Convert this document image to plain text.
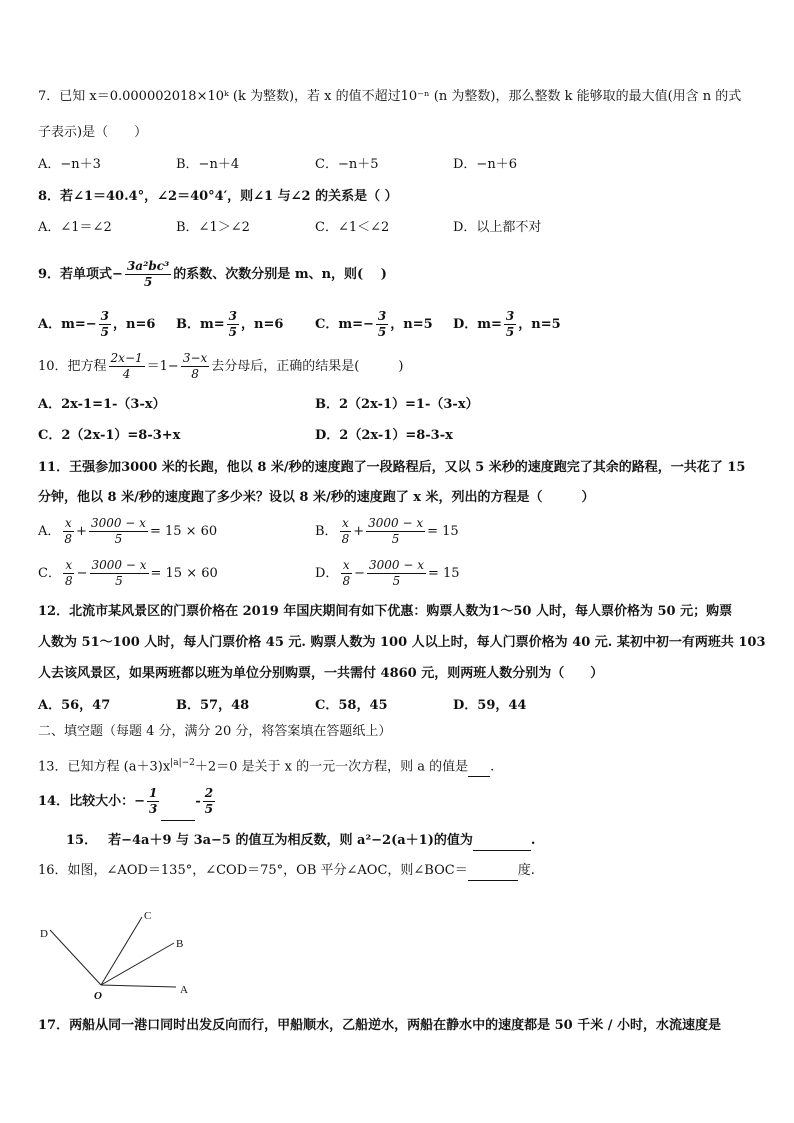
7．已知 x＝0.000002018×10ᵏ (k 为整数)，若 x 的值不超过10⁻ⁿ (n 为整数)，那么整数 k 能够取的最大值(用含 n 的式
子表示)是（　　）
A．−n＋3	B．−n＋4	C．−n＋5	D．−n＋6
8．若∠1＝40.4°，∠2＝40°4′，则∠1 与∠2 的关系是（ ）
A．∠1＝∠2	B．∠1＞∠2	C．∠1＜∠2	D．以上都不对
9．若单项式− $\frac{\text{3a²bc³}}{5}$ 的系数、次数分别是 m、n，则(　 )
A．$m=- \frac{3}{5}$ ，n=6 B．$m= \frac{3}{5}$ ，n=6 C．$m=- \frac{3}{5}$ ，n=5 D．$m= \frac{3}{5}$ ，n=5
10．把方程 $\frac{2x-1}{4} =1- \frac{3-x}{8}$ 去分母后，正确的结果是(　　　)
A．2x-1=1-（3-x）	B．2（2x-1）=1-（3-x）
C．2（2x-1）=8-3+x	D．2（2x-1）=8-3-x
11．王强参加3000 米的长跑，他以 8 米/秒的速度跑了一段路程后，又以 5 米秒的速度跑完了其余的路程，一共花了 15
分钟，他以 8 米/秒的速度跑了多少米？设以 8 米/秒的速度跑了 x 米，列出的方程是（　　　）
A． $\frac{x}{8} + \frac{3000 - x}{5} = 15 \times 60$	B． $\frac{x}{8} + \frac{3000 - x}{5} = 15$
C． $\frac{x}{8} - \frac{3000 - x}{5} = 15 \times 60$	D． $\frac{x}{8} - \frac{3000 - x}{5} = 15$
12．北流市某风景区的门票价格在 2019 年国庆期间有如下优惠：购票人数为1～50 人时，每人票价格为 50 元；购票
人数为 51～100 人时，每人门票价格 45 元. 购票人数为 100 人以上时，每人门票价格为 40 元. 某初中初一有两班共 103
人去该风景区，如果两班都以班为单位分别购票，一共需付 4860 元，则两班人数分别为（　　）
A．56，47	B．57，48	C．58，45	D．59，44
二、填空题（每题 4 分，满分 20 分，将答案填在答题纸上）
13．已知方程 $(a+3)x^{|a|-2}+2=0$ 是关于 x 的一元一次方程，则 a 的值是 .
14．比较大小：− $\frac{1}{3}$	- $\frac{2}{5}$
15．　 若−4a＋9 与 3a−5 的值互为相反数，则 a²−2(a＋1)的值为	.
16．如图，∠AOD＝135°，∠COD＝75°，OB 平分∠AOC，则∠BOC＝	度.
D
C
B
O	A
17．两船从同一港口同时出发反向而行，甲船顺水，乙船逆水，两船在静水中的速度都是 50 千米 / 小时，水流速度是
